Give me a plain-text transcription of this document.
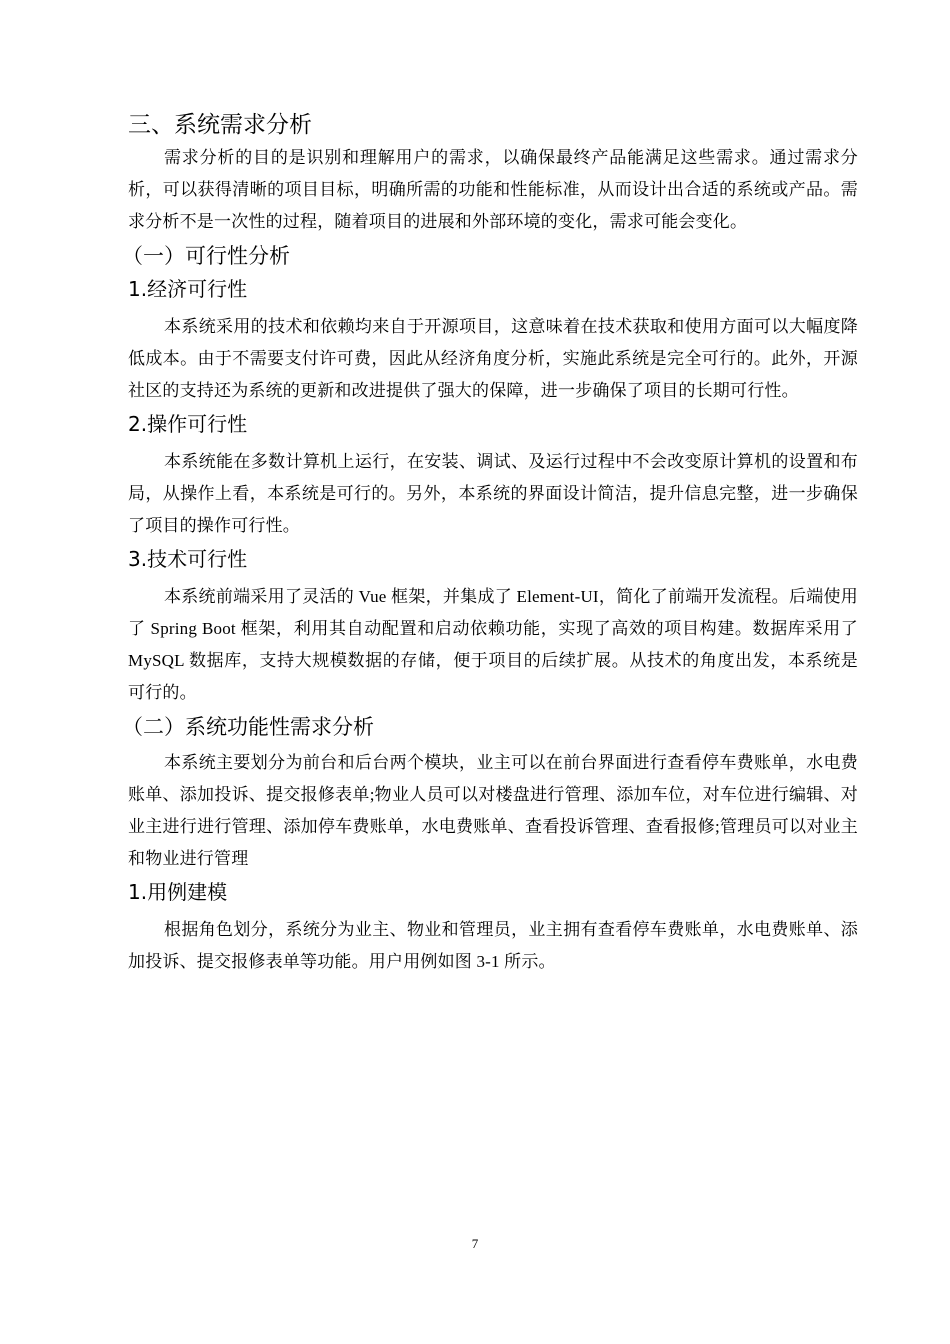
三、系统需求分析

需求分析的目的是识别和理解用户的需求，以确保最终产品能满足这些需求。通过需求分析，可以获得清晰的项目目标，明确所需的功能和性能标准，从而设计出合适的系统或产品。需求分析不是一次性的过程，随着项目的进展和外部环境的变化，需求可能会变化。

（一）可行性分析
1.经济可行性

本系统采用的技术和依赖均来自于开源项目，这意味着在技术获取和使用方面可以大幅度降低成本。由于不需要支付许可费，因此从经济角度分析，实施此系统是完全可行的。此外，开源社区的支持还为系统的更新和改进提供了强大的保障，进一步确保了项目的长期可行性。

2.操作可行性

本系统能在多数计算机上运行，在安装、调试、及运行过程中不会改变原计算机的设置和布局，从操作上看，本系统是可行的。另外，本系统的界面设计简洁，提升信息完整，进一步确保了项目的操作可行性。

3.技术可行性

本系统前端采用了灵活的 Vue 框架，并集成了 Element-UI，简化了前端开发流程。后端使用了 Spring Boot 框架，利用其自动配置和启动依赖功能，实现了高效的项目构建。数据库采用了 MySQL 数据库，支持大规模数据的存储，便于项目的后续扩展。从技术的角度出发，本系统是可行的。

（二）系统功能性需求分析

本系统主要划分为前台和后台两个模块，业主可以在前台界面进行查看停车费账单，水电费账单、添加投诉、提交报修表单;物业人员可以对楼盘进行管理、添加车位，对车位进行编辑、对业主进行进行管理、添加停车费账单，水电费账单、查看投诉管理、查看报修;管理员可以对业主和物业进行管理

1.用例建模

根据角色划分，系统分为业主、物业和管理员，业主拥有查看停车费账单，水电费账单、添加投诉、提交报修表单等功能。用户用例如图 3-1 所示。

7
